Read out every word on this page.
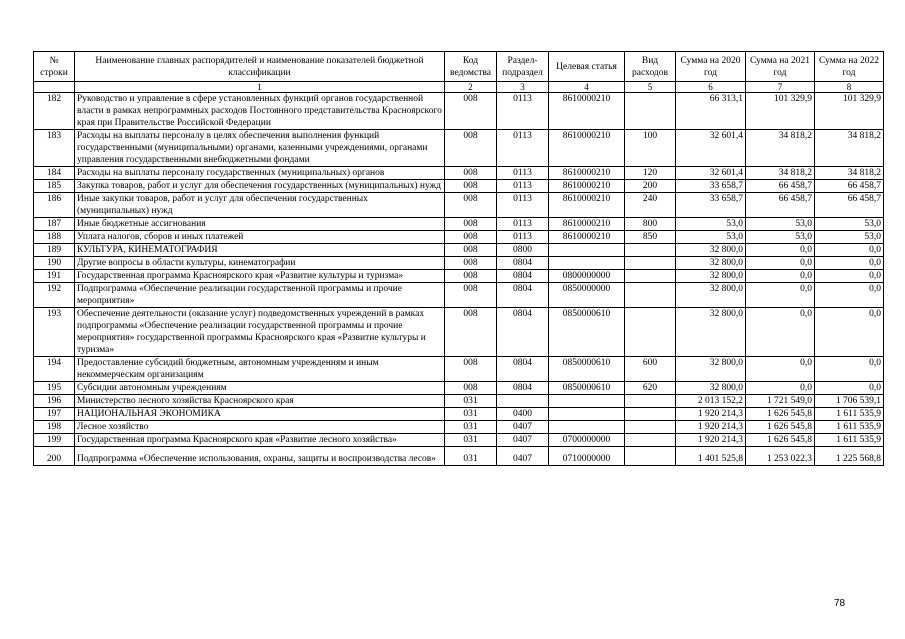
№ строки	Наименование главных распорядителей и наименование показателей бюджетной классификации	Код ведомства	Раздел-подраздел	Целевая статья	Вид расходов	Сумма на 2020 год	Сумма на 2021 год	Сумма на 2022 год
	1	2	3	4	5	6	7	8
182	Руководство и управление в сфере установленных функций органов государственной власти в рамках непрограммных расходов Постоянного представительства Красноярского края при Правительстве Российской Федерации	008	0113	8610000210		66 313,1	101 329,9	101 329,9
183	Расходы на выплаты персоналу в целях обеспечения выполнения функций государственными (муниципальными) органами, казенными учреждениями, органами управления государственными внебюджетными фондами	008	0113	8610000210	100	32 601,4	34 818,2	34 818,2
184	Расходы на выплаты персоналу государственных (муниципальных) органов	008	0113	8610000210	120	32 601,4	34 818,2	34 818,2
185	Закупка товаров, работ и услуг для обеспечения государственных (муниципальных) нужд	008	0113	8610000210	200	33 658,7	66 458,7	66 458,7
186	Иные закупки товаров, работ и услуг для обеспечения государственных (муниципальных) нужд	008	0113	8610000210	240	33 658,7	66 458,7	66 458,7
187	Иные бюджетные ассигнования	008	0113	8610000210	800	53,0	53,0	53,0
188	Уплата налогов, сборов и иных платежей	008	0113	8610000210	850	53,0	53,0	53,0
189	КУЛЬТУРА, КИНЕМАТОГРАФИЯ	008	0800			32 800,0	0,0	0,0
190	Другие вопросы в области культуры, кинематографии	008	0804			32 800,0	0,0	0,0
191	Государственная программа Красноярского края «Развитие культуры и туризма»	008	0804	0800000000		32 800,0	0,0	0,0
192	Подпрограмма «Обеспечение реализации государственной программы и прочие мероприятия»	008	0804	0850000000		32 800,0	0,0	0,0
193	Обеспечение деятельности (оказание услуг) подведомственных учреждений в рамках подпрограммы «Обеспечение реализации государственной программы и прочие мероприятия» государственной программы Красноярского края «Развитие культуры и туризма»	008	0804	0850000610		32 800,0	0,0	0,0
194	Предоставление субсидий бюджетным, автономным учреждениям и иным некоммерческим организациям	008	0804	0850000610	600	32 800,0	0,0	0,0
195	Субсидии автономным учреждениям	008	0804	0850000610	620	32 800,0	0,0	0,0
196	Министерство лесного хозяйства Красноярского края	031				2 013 152,2	1 721 549,0	1 706 539,1
197	НАЦИОНАЛЬНАЯ ЭКОНОМИКА	031	0400			1 920 214,3	1 626 545,8	1 611 535,9
198	Лесное хозяйство	031	0407			1 920 214,3	1 626 545,8	1 611 535,9
199	Государственная программа Красноярского края «Развитие лесного хозяйства»	031	0407	0700000000		1 920 214,3	1 626 545,8	1 611 535,9
200	Подпрограмма «Обеспечение использования, охраны, защиты и воспроизводства лесов»	031	0407	0710000000		1 401 525,8	1 253 022,3	1 225 568,8
78
